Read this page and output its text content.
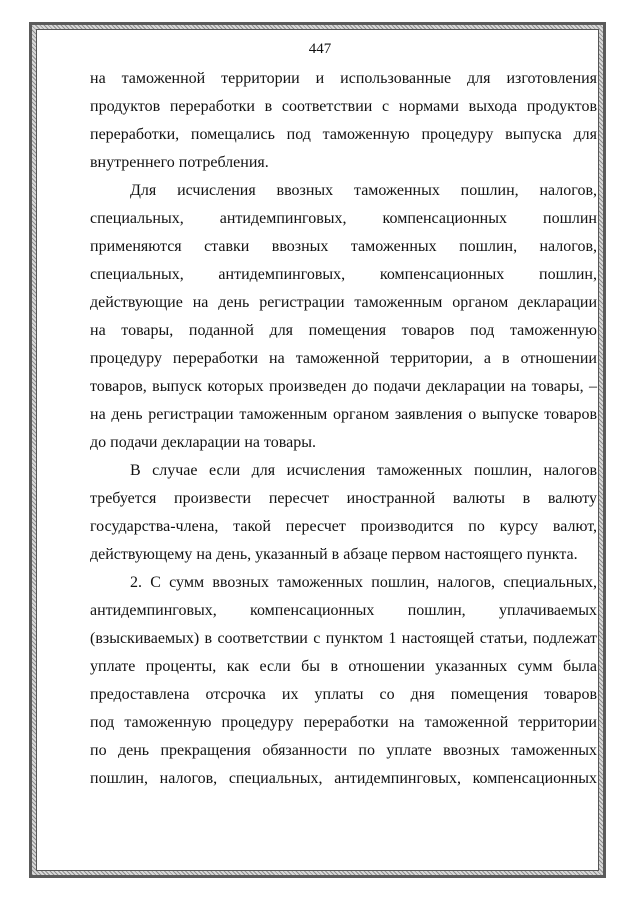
447
на таможенной территории и использованные для изготовления
продуктов переработки в соответствии с нормами выхода продуктов
переработки, помещались под таможенную процедуру выпуска для
внутреннего потребления.
Для исчисления ввозных таможенных пошлин, налогов,
специальных, антидемпинговых, компенсационных пошлин
применяются ставки ввозных таможенных пошлин, налогов,
специальных, антидемпинговых, компенсационных пошлин,
действующие на день регистрации таможенным органом декларации
на товары, поданной для помещения товаров под таможенную
процедуру переработки на таможенной территории, а в отношении
товаров, выпуск которых произведен до подачи декларации на товары, –
на день регистрации таможенным органом заявления о выпуске товаров
до подачи декларации на товары.
В случае если для исчисления таможенных пошлин, налогов
требуется произвести пересчет иностранной валюты в валюту
государства-члена, такой пересчет производится по курсу валют,
действующему на день, указанный в абзаце первом настоящего пункта.
2. С сумм ввозных таможенных пошлин, налогов, специальных,
антидемпинговых, компенсационных пошлин, уплачиваемых
(взыскиваемых) в соответствии с пунктом 1 настоящей статьи, подлежат
уплате проценты, как если бы в отношении указанных сумм была
предоставлена отсрочка их уплаты со дня помещения товаров
под таможенную процедуру переработки на таможенной территории
по день прекращения обязанности по уплате ввозных таможенных
пошлин, налогов, специальных, антидемпинговых, компенсационных
